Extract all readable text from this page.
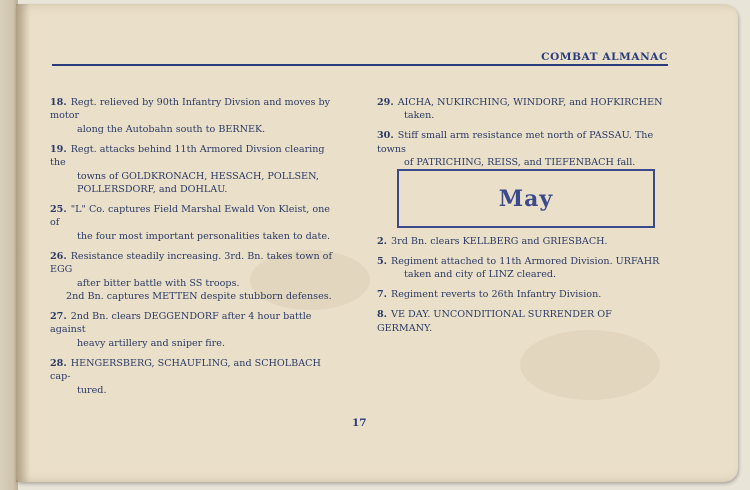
COMBAT ALMANAC
18. Regt. relieved by 90th Infantry Divsion and moves by motor
along the Autobahn south to BERNEK.
19. Regt. attacks behind 11th Armored Divsion clearing the
towns of GOLDKRONACH, HESSACH, POLLSEN,
POLLERSDORF, and DOHLAU.
25. "L" Co. captures Field Marshal Ewald Von Kleist, one of
the four most important personalities taken to date.
26. Resistance steadily increasing. 3rd. Bn. takes town of EGG
after bitter battle with SS troops.
2nd Bn. captures METTEN despite stubborn defenses.
27. 2nd Bn. clears DEGGENDORF after 4 hour battle against
heavy artillery and sniper fire.
28. HENGERSBERG, SCHAUFLING, and SCHOLBACH cap-
tured.
29. AICHA, NUKIRCHING, WINDORF, and HOFKIRCHEN
taken.
30. Stiff small arm resistance met north of PASSAU. The towns
of PATRICHING, REISS, and TIEFENBACH fall.
May
2. 3rd Bn. clears KELLBERG and GRIESBACH.
5. Regiment attached to 11th Armored Division. URFAHR
taken and city of LINZ cleared.
7. Regiment reverts to 26th Infantry Division.
8. VE DAY. UNCONDITIONAL SURRENDER OF GERMANY.
17
